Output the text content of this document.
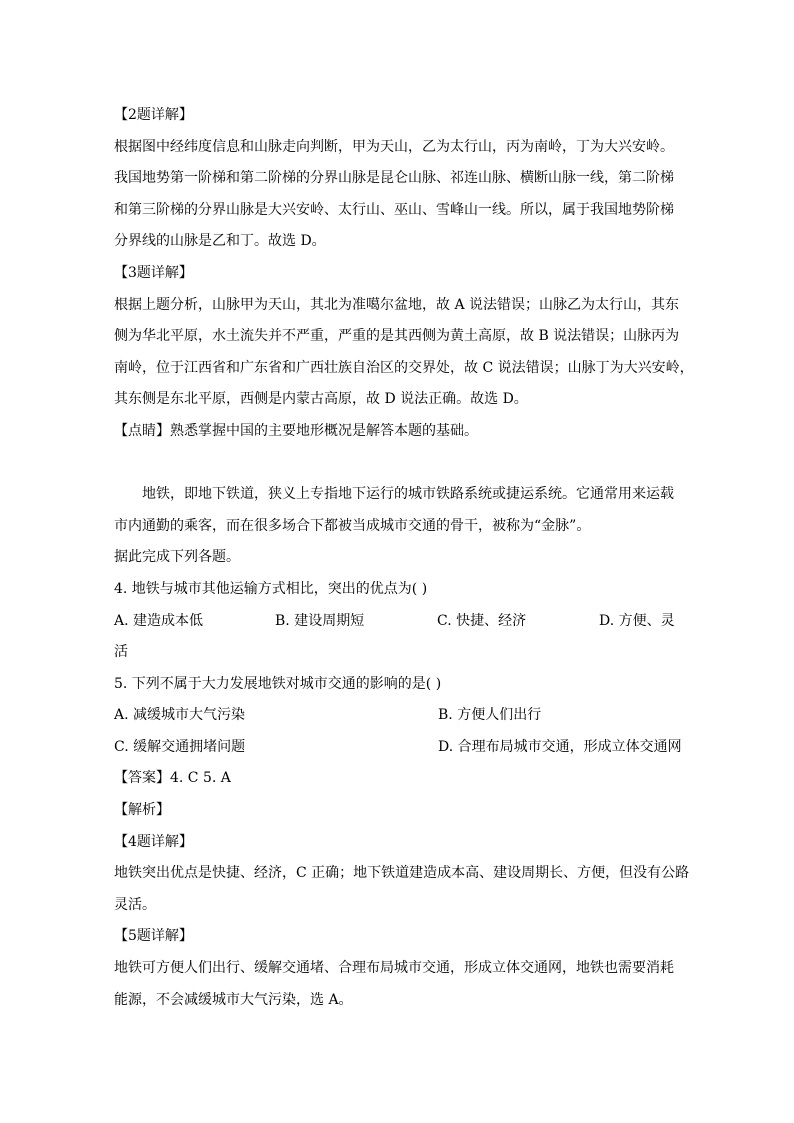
【2题详解】
根据图中经纬度信息和山脉走向判断，甲为天山，乙为太行山，丙为南岭，丁为大兴安岭。
我国地势第一阶梯和第二阶梯的分界山脉是昆仑山脉、祁连山脉、横断山脉一线，第二阶梯
和第三阶梯的分界山脉是大兴安岭、太行山、巫山、雪峰山一线。所以，属于我国地势阶梯
分界线的山脉是乙和丁。故选 D。
【3题详解】
根据上题分析，山脉甲为天山，其北为准噶尔盆地，故 A 说法错误；山脉乙为太行山，其东
侧为华北平原，水土流失并不严重，严重的是其西侧为黄土高原，故 B 说法错误；山脉丙为
南岭，位于江西省和广东省和广西壮族自治区的交界处，故 C 说法错误；山脉丁为大兴安岭，
其东侧是东北平原，西侧是内蒙古高原，故 D 说法正确。故选 D。
【点睛】熟悉掌握中国的主要地形概况是解答本题的基础。
地铁，即地下铁道，狭义上专指地下运行的城市铁路系统或捷运系统。它通常用来运载
市内通勤的乘客，而在很多场合下都被当成城市交通的骨干，被称为“金脉”。
据此完成下列各题。
4. 地铁与城市其他运输方式相比，突出的优点为( )
A. 建造成本低	B. 建设周期短	C. 快捷、经济	D. 方便、灵
活
5. 下列不属于大力发展地铁对城市交通的影响的是( )
A. 减缓城市大气污染	B. 方便人们出行
C. 缓解交通拥堵问题	D. 合理布局城市交通，形成立体交通网
【答案】4. C 5. A
【解析】
【4题详解】
地铁突出优点是快捷、经济，C 正确；地下铁道建造成本高、建设周期长、方便，但没有公路
灵活。
【5题详解】
地铁可方便人们出行、缓解交通堵、合理布局城市交通，形成立体交通网，地铁也需要消耗
能源，不会减缓城市大气污染，选 A。
